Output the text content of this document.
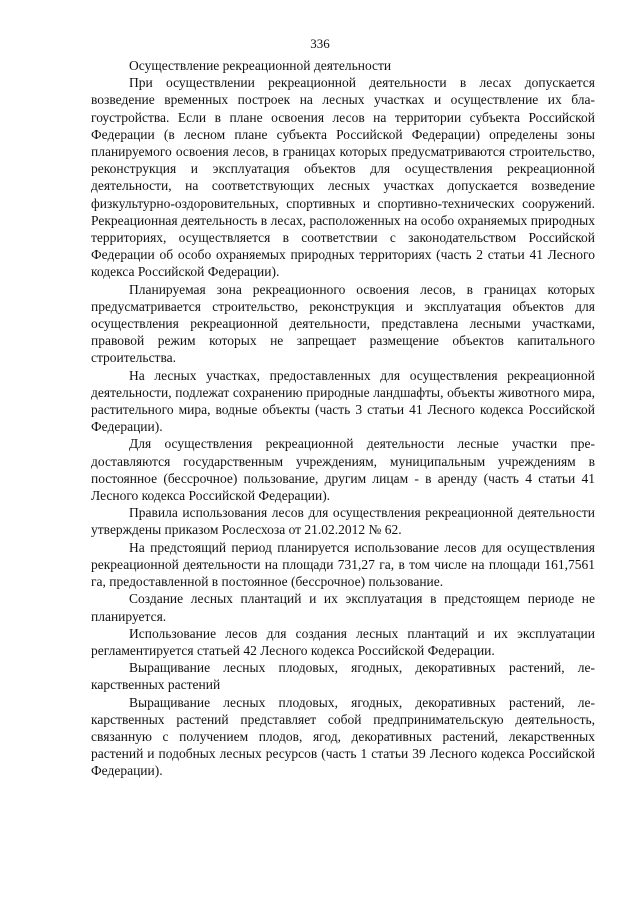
336

Осуществление рекреационной деятельности

При осуществлении рекреационной деятельности в лесах допускается возведение временных построек на лесных участках и осуществление их благоустройства. Если в плане освоения лесов на территории субъекта Российской Федерации (в лесном плане субъекта Российской Федерации) определены зоны планируемого освоения лесов, в границах которых предусматриваются строительство, реконструкция и эксплуатация объектов для осуществления рекреационной деятельности, на соответствующих лесных участках допускается возведение физкультурно-оздоровительных, спортивных и спортивно-технических сооружений. Рекреационная деятельность в лесах, расположенных на особо охраняемых природных территориях, осуществляется в соответствии с законодательством Российской Федерации об особо охраняемых природных территориях (часть 2 статьи 41 Лесного кодекса Российской Федерации).

Планируемая зона рекреационного освоения лесов, в границах которых предусматривается строительство, реконструкция и эксплуатация объектов для осуществления рекреационной деятельности, представлена лесными участками, правовой режим которых не запрещает размещение объектов капитального строительства.

На лесных участках, предоставленных для осуществления рекреационной деятельности, подлежат сохранению природные ландшафты, объекты животного мира, растительного мира, водные объекты (часть 3 статьи 41 Лесного кодекса Российской Федерации).

Для осуществления рекреационной деятельности лесные участки предоставляются государственным учреждениям, муниципальным учреждениям в постоянное (бессрочное) пользование, другим лицам - в аренду (часть 4 статьи 41 Лесного кодекса Российской Федерации).

Правила использования лесов для осуществления рекреационной деятельности утверждены приказом Рослесхоза от 21.02.2012 № 62.

На предстоящий период планируется использование лесов для осуществления рекреационной деятельности на площади 731,27 га, в том числе на площади 161,7561 га, предоставленной в постоянное (бессрочное) пользование.

Создание лесных плантаций и их эксплуатация в предстоящем периоде не планируется.

Использование лесов для создания лесных плантаций и их эксплуатации регламентируется статьей 42 Лесного кодекса Российской Федерации.

Выращивание лесных плодовых, ягодных, декоративных растений, лекарственных растений

Выращивание лесных плодовых, ягодных, декоративных растений, лекарственных растений представляет собой предпринимательскую деятельность, связанную с получением плодов, ягод, декоративных растений, лекарственных растений и подобных лесных ресурсов (часть 1 статьи 39 Лесного кодекса Российской Федерации).
